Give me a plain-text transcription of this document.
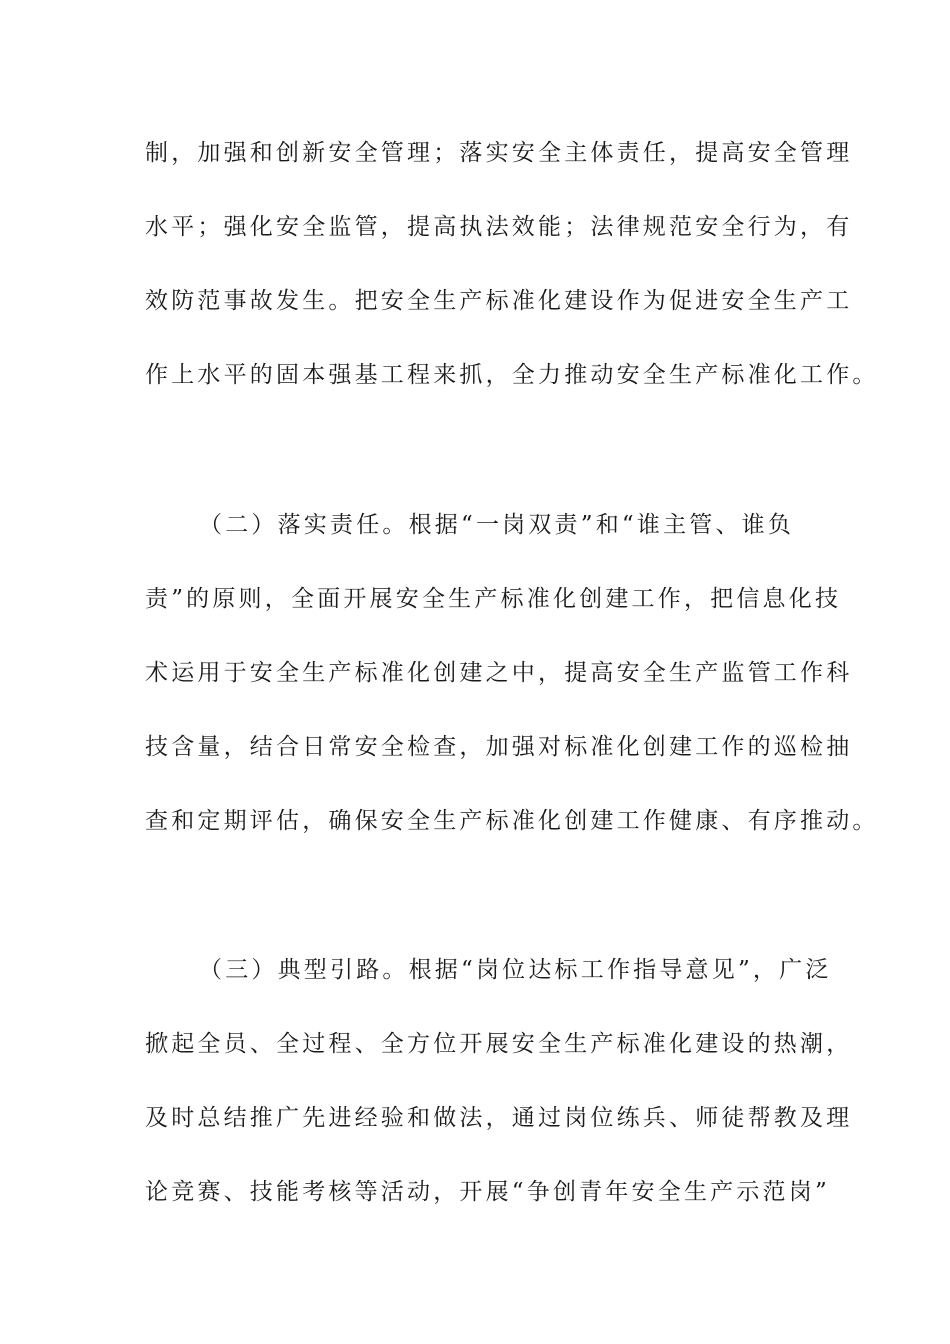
制，加强和创新安全管理；落实安全主体责任，提高安全管理
水平；强化安全监管，提高执法效能；法律规范安全行为，有
效防范事故发生。把安全生产标准化建设作为促进安全生产工
作上水平的固本强基工程来抓，全力推动安全生产标准化工作。
（二）落实责任。根据“一岗双责”和“谁主管、谁负
责”的原则，全面开展安全生产标准化创建工作，把信息化技
术运用于安全生产标准化创建之中，提高安全生产监管工作科
技含量，结合日常安全检查，加强对标准化创建工作的巡检抽
查和定期评估，确保安全生产标准化创建工作健康、有序推动。
（三）典型引路。根据“岗位达标工作指导意见”，广泛
掀起全员、全过程、全方位开展安全生产标准化建设的热潮，
及时总结推广先进经验和做法，通过岗位练兵、师徒帮教及理
论竞赛、技能考核等活动，开展“争创青年安全生产示范岗”
